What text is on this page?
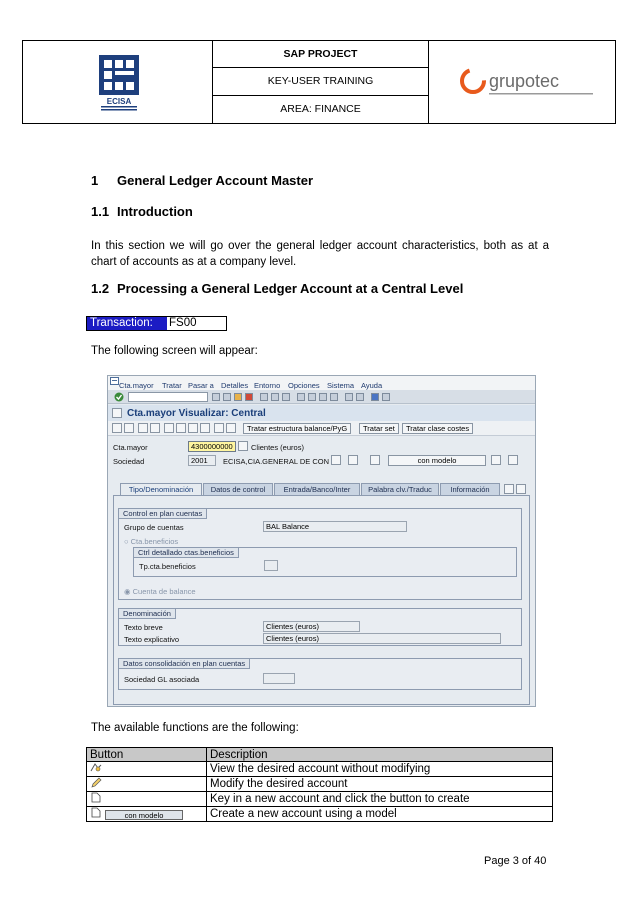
ECISA
SAP PROJECT
KEY-USER TRAINING
AREA: FINANCE
grupotec
1 General Ledger Account Master
1.1 Introduction
In this section we will go over the general ledger account characteristics, both as at a chart of accounts as at a company level.
1.2 Processing a General Ledger Account at a Central Level
Transaction:	FS00
The following screen will appear:
Cta.mayor Tratar Pasar a Detalles Entorno Opciones Sistema Ayuda
Cta.mayor Visualizar: Central
Tratar estructura balance/PyG	Tratar set	Tratar clase costes
Cta.mayor	4300000000	Clientes (euros)
Sociedad	2001	ECISA,CIA.GENERAL DE CON	con modelo
Tipo/Denominación	Datos de control	Entrada/Banco/Inter	Palabra clv./Traduc	Información
Control en plan cuentas
Grupo de cuentas	BAL Balance
○ Cta.beneficios
Ctrl detallado ctas.beneficios
Tp.cta.beneficios
◉ Cuenta de balance
Denominación
Texto breve	Clientes (euros)
Texto explicativo	Clientes (euros)
Datos consolidación en plan cuentas
Sociedad GL asociada
The available functions are the following:
Button	Description
	View the desired account without modifying
	Modify the desired account
	Key in a new account and click the button to create
con modelo	Create a new account using a model
Page 3 of 40
